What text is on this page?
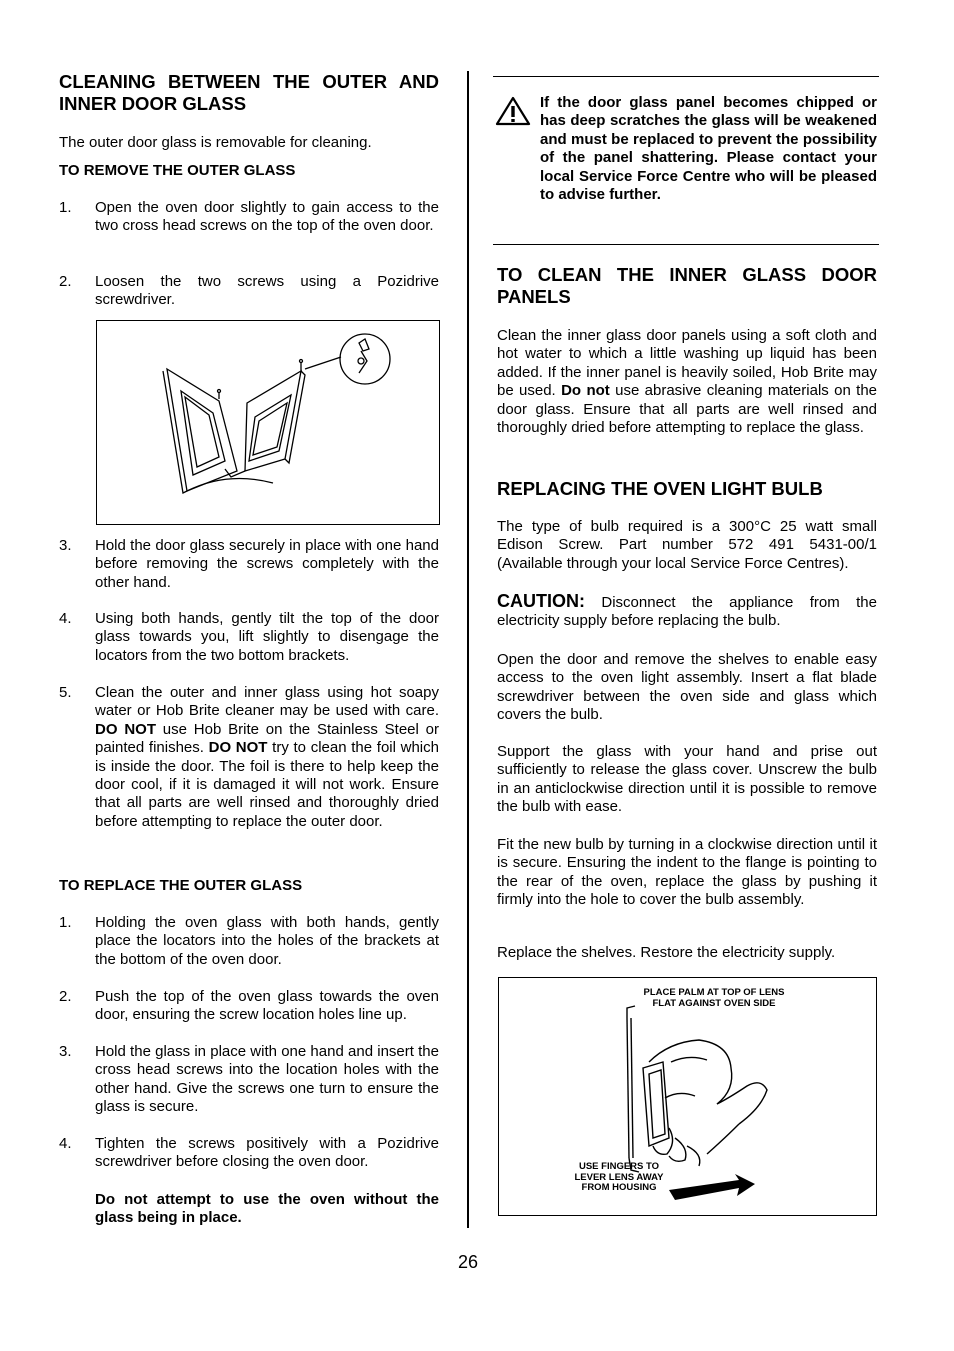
CLEANING BETWEEN THE OUTER AND INNER DOOR GLASS
The outer door glass is removable for cleaning.
TO REMOVE THE OUTER GLASS
1. Open the oven door slightly to gain access to the two cross head screws on the top of the oven door.
2. Loosen the two screws using a Pozidrive screwdriver.
3. Hold the door glass securely in place with one hand before removing the screws completely with the other hand.
4. Using both hands, gently tilt the top of the door glass towards you, lift slightly to disengage the locators from the two bottom brackets.
5. Clean the outer and inner glass using hot soapy water or Hob Brite cleaner may be used with care. DO NOT use Hob Brite on the Stainless Steel or painted finishes. DO NOT try to clean the foil which is inside the door. The foil is there to help keep the door cool, if it is damaged it will not work. Ensure that all parts are well rinsed and thoroughly dried before attempting to replace the outer door.
TO REPLACE THE OUTER GLASS
1. Holding the oven glass with both hands, gently place the locators into the holes of the brackets at the bottom of the oven door.
2. Push the top of the oven glass towards the oven door, ensuring the screw location holes line up.
3. Hold the glass in place with one hand and insert the cross head screws into the location holes with the other hand. Give the screws one turn to ensure the glass is secure.
4. Tighten the screws positively with a Pozidrive screwdriver before closing the oven door.
Do not attempt to use the oven without the glass being in place.
If the door glass panel becomes chipped or has deep scratches the glass will be weakened and must be replaced to prevent the possibility of the panel shattering. Please contact your local Service Force Centre who will be pleased to advise further.
TO CLEAN THE INNER GLASS DOOR PANELS
Clean the inner glass door panels using a soft cloth and hot water to which a little washing up liquid has been added. If the inner panel is heavily soiled, Hob Brite may be used. Do not use abrasive cleaning materials on the door glass. Ensure that all parts are well rinsed and thoroughly dried before attempting to replace the glass.
REPLACING THE OVEN LIGHT BULB
The type of bulb required is a 300°C 25 watt small Edison Screw. Part number 572 491 5431-00/1 (Available through your local Service Force Centres).
CAUTION: Disconnect the appliance from the electricity supply before replacing the bulb.
Open the door and remove the shelves to enable easy access to the oven light assembly. Insert a flat blade screwdriver between the oven side and glass which covers the bulb.
Support the glass with your hand and prise out sufficiently to release the glass cover. Unscrew the bulb in an anticlockwise direction until it is possible to remove the bulb with ease.
Fit the new bulb by turning in a clockwise direction until it is secure. Ensuring the indent to the flange is pointing to the rear of the oven, replace the glass by pushing it firmly into the hole to cover the bulb assembly.
Replace the shelves. Restore the electricity supply.
PLACE PALM AT TOP OF LENS
FLAT AGAINST OVEN SIDE
USE FINGERS TO
LEVER LENS AWAY
FROM HOUSING
26
